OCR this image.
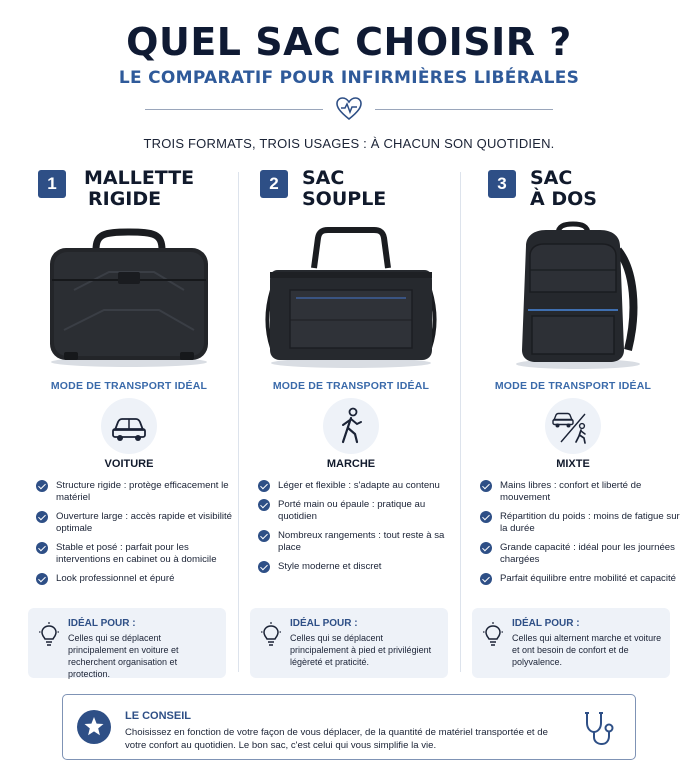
QUEL SAC CHOISIR ?
LE COMPARATIF POUR INFIRMIÈRES LIBÉRALES
TROIS FORMATS, TROIS USAGES : À CHACUN SON QUOTIDIEN.
1	MALLETTE
RIGIDE
MODE DE TRANSPORT IDÉAL
VOITURE
Structure rigide : protège efficacement le matériel
Ouverture large : accès rapide et visibilité optimale
Stable et posé : parfait pour les interventions en cabinet ou à domicile
Look professionnel et épuré
IDÉAL POUR :
Celles qui se déplacent principalement en voiture et recherchent organisation et protection.
2	SAC
SOUPLE
MODE DE TRANSPORT IDÉAL
MARCHE
Léger et flexible : s'adapte au contenu
Porté main ou épaule : pratique au quotidien
Nombreux rangements : tout reste à sa place
Style moderne et discret
IDÉAL POUR :
Celles qui se déplacent principalement à pied et privilégient légèreté et praticité.
3	SAC
À DOS
MODE DE TRANSPORT IDÉAL
MIXTE
Mains libres : confort et liberté de mouvement
Répartition du poids : moins de fatigue sur la durée
Grande capacité : idéal pour les journées chargées
Parfait équilibre entre mobilité et capacité
IDÉAL POUR :
Celles qui alternent marche et voiture et ont besoin de confort et de polyvalence.
LE CONSEIL
Choisissez en fonction de votre façon de vous déplacer, de la quantité de matériel transportée et de votre confort au quotidien. Le bon sac, c'est celui qui vous simplifie la vie.
